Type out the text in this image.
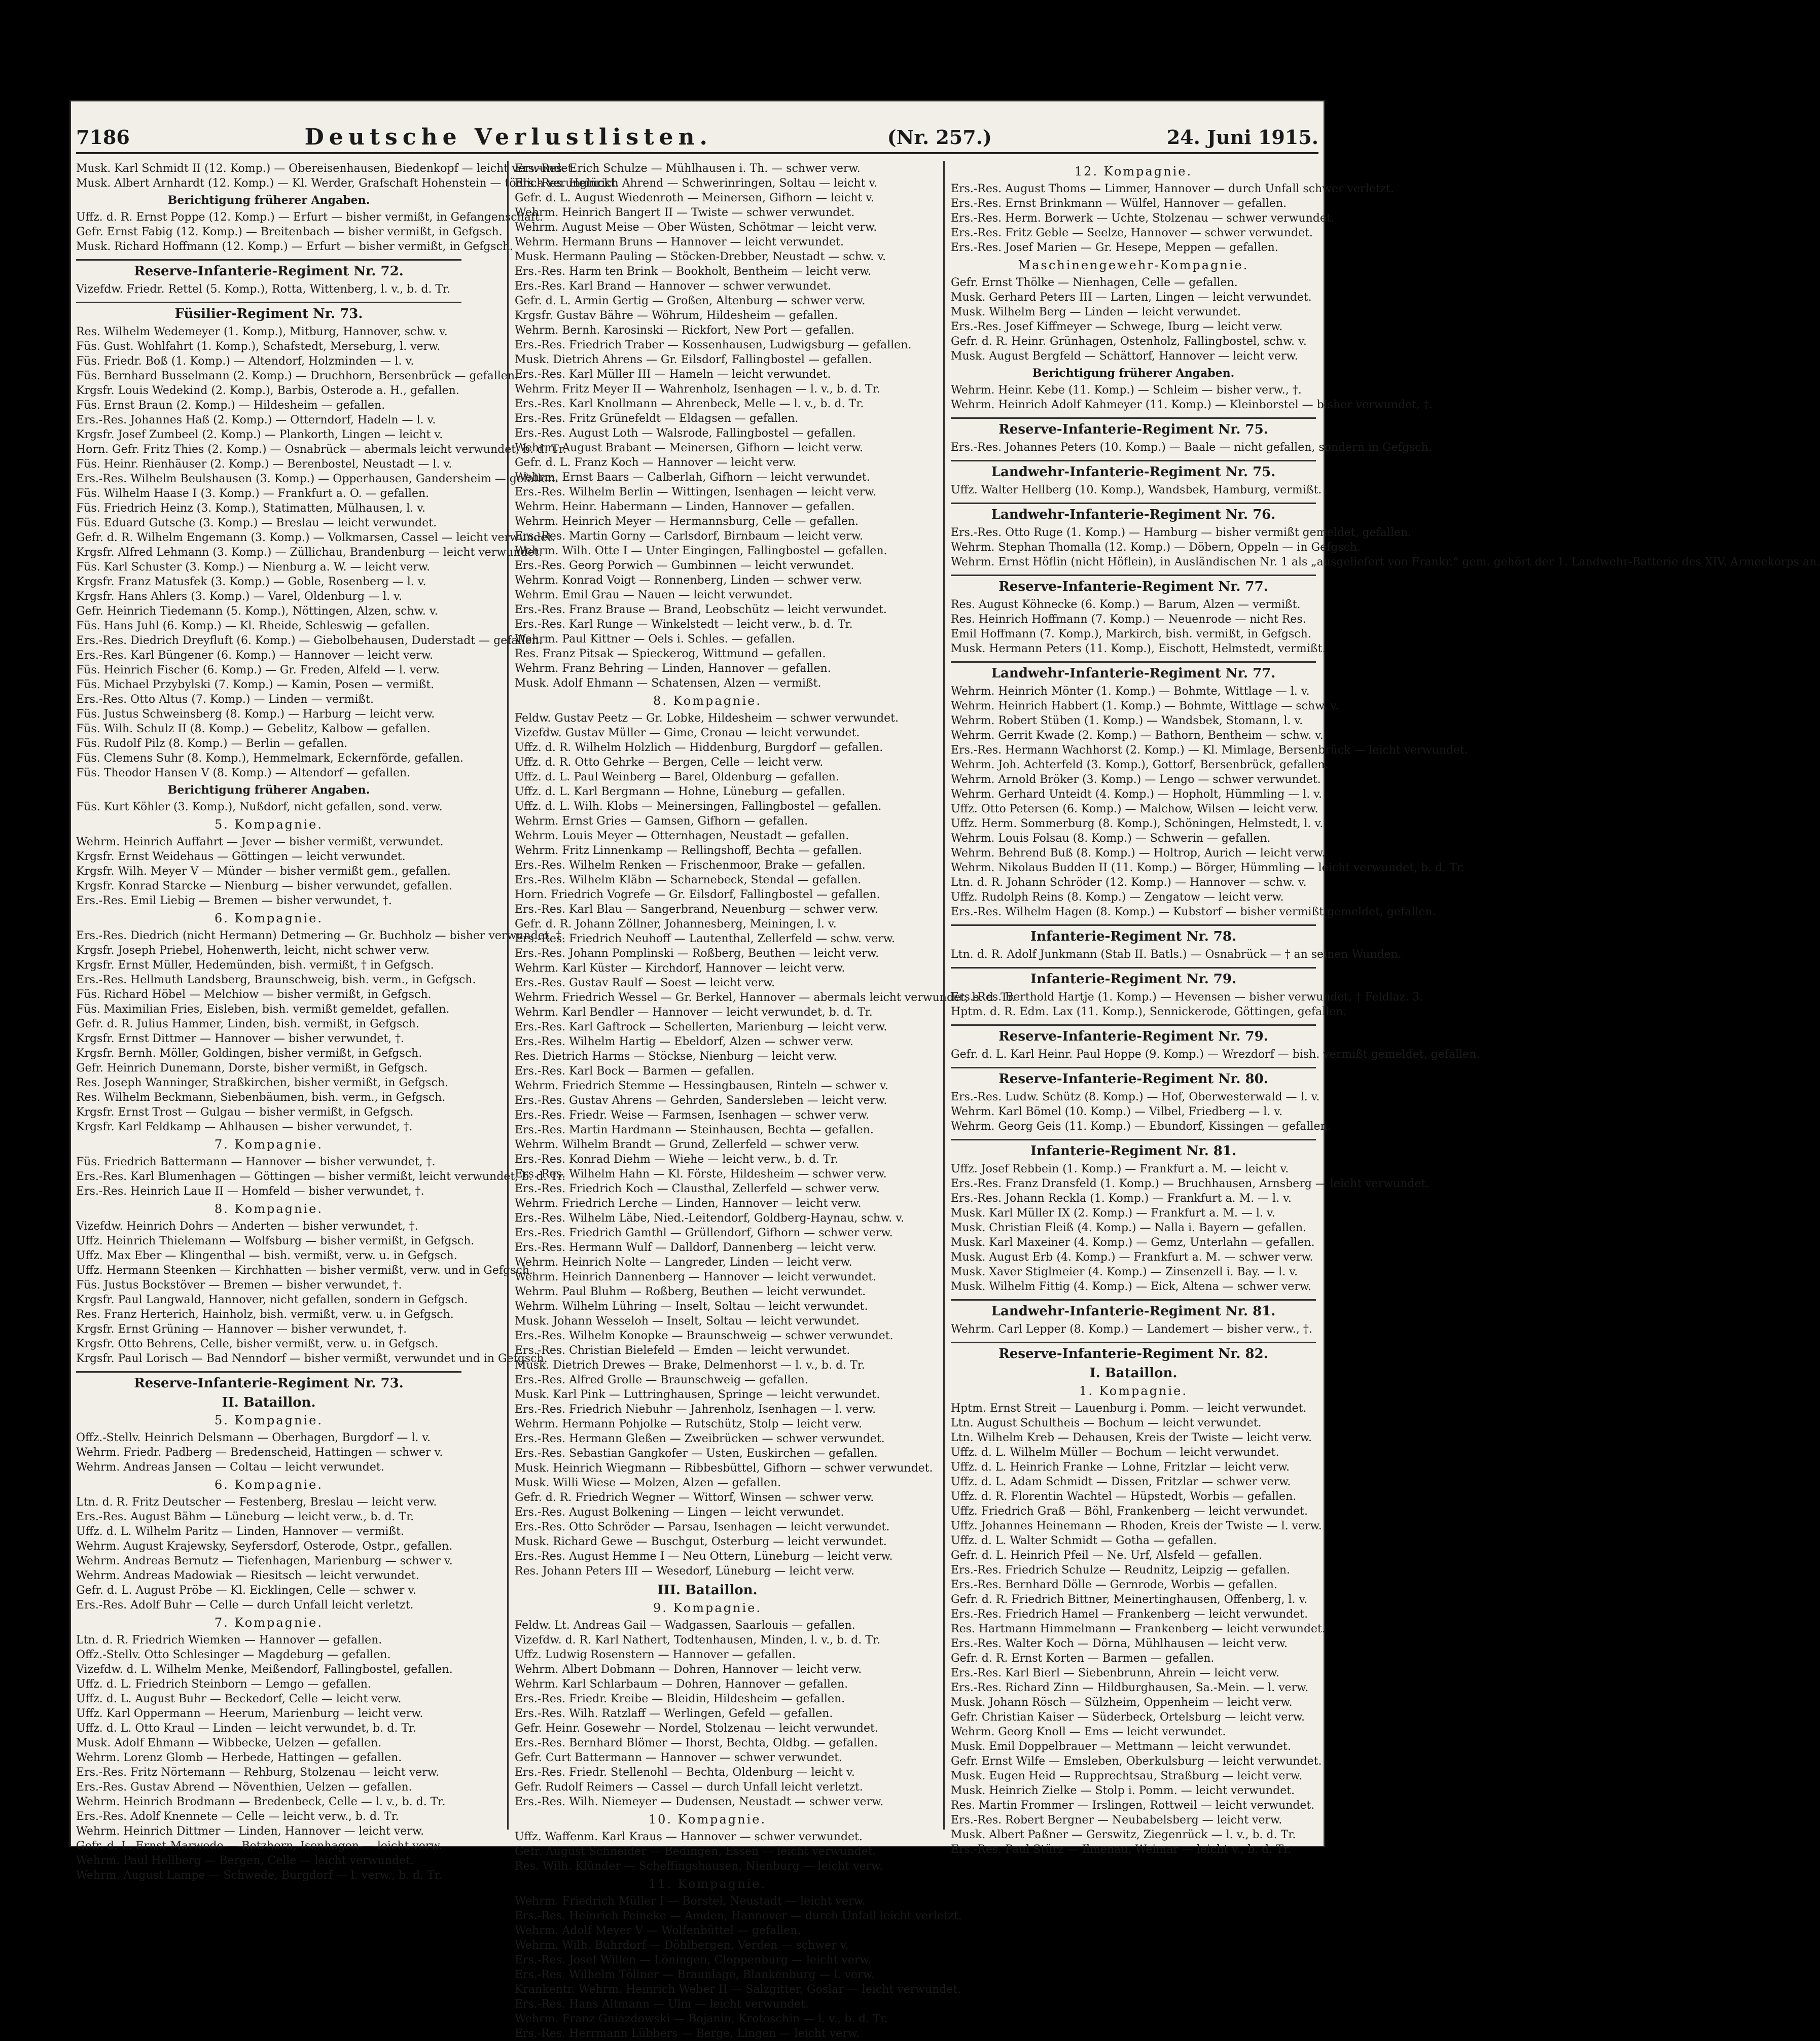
7186	Deutsche Verlustlisten.	(Nr. 257.)	24. Juni 1915.
Musk. Karl Schmidt II (12. Komp.) — Obereisenhausen, Biedenkopf — leicht verwundet.
Musk. Albert Arnhardt (12. Komp.) — Kl. Werder, Grafschaft Hohenstein — tödlich verunglückt.
Berichtigung früherer Angaben.
Uffz. d. R. Ernst Poppe (12. Komp.) — Erfurt — bisher vermißt, in Gefangenschaft.
Gefr. Ernst Fabig (12. Komp.) — Breitenbach — bisher vermißt, in Gefgsch.
Musk. Richard Hoffmann (12. Komp.) — Erfurt — bisher vermißt, in Gefgsch.
Reserve-Infanterie-Regiment Nr. 72.
Vizefdw. Friedr. Rettel (5. Komp.), Rotta, Wittenberg, l. v., b. d. Tr.
Füsilier-Regiment Nr. 73.
Res. Wilhelm Wedemeyer (1. Komp.), Mitburg, Hannover, schw. v.
Füs. Gust. Wohlfahrt (1. Komp.), Schafstedt, Merseburg, l. verw.
Füs. Friedr. Boß (1. Komp.) — Altendorf, Holzminden — l. v.
Füs. Bernhard Busselmann (2. Komp.) — Druchhorn, Bersenbrück — gefallen.
Krgsfr. Louis Wedekind (2. Komp.), Barbis, Osterode a. H., gefallen.
Füs. Ernst Braun (2. Komp.) — Hildesheim — gefallen.
Ers.-Res. Johannes Haß (2. Komp.) — Otterndorf, Hadeln — l. v.
Krgsfr. Josef Zumbeel (2. Komp.) — Plankorth, Lingen — leicht v.
Horn. Gefr. Fritz Thies (2. Komp.) — Osnabrück — abermals leicht verwundet, b. d. Tr.
Füs. Heinr. Rienhäuser (2. Komp.) — Berenbostel, Neustadt — l. v.
Ers.-Res. Wilhelm Beulshausen (3. Komp.) — Opperhausen, Gandersheim — gefallen.
Füs. Wilhelm Haase I (3. Komp.) — Frankfurt a. O. — gefallen.
Füs. Friedrich Heinz (3. Komp.), Statimatten, Mülhausen, l. v.
Füs. Eduard Gutsche (3. Komp.) — Breslau — leicht verwundet.
Gefr. d. R. Wilhelm Engemann (3. Komp.) — Volkmarsen, Cassel — leicht verwundet.
Krgsfr. Alfred Lehmann (3. Komp.) — Züllichau, Brandenburg — leicht verwundet.
Füs. Karl Schuster (3. Komp.) — Nienburg a. W. — leicht verw.
Krgsfr. Franz Matusfek (3. Komp.) — Goble, Rosenberg — l. v.
Krgsfr. Hans Ahlers (3. Komp.) — Varel, Oldenburg — l. v.
Gefr. Heinrich Tiedemann (5. Komp.), Nöttingen, Alzen, schw. v.
Füs. Hans Juhl (6. Komp.) — Kl. Rheide, Schleswig — gefallen.
Ers.-Res. Diedrich Dreyfluft (6. Komp.) — Giebolbehausen, Duderstadt — gefallen.
Ers.-Res. Karl Büngener (6. Komp.) — Hannover — leicht verw.
Füs. Heinrich Fischer (6. Komp.) — Gr. Freden, Alfeld — l. verw.
Füs. Michael Przybylski (7. Komp.) — Kamin, Posen — vermißt.
Ers.-Res. Otto Altus (7. Komp.) — Linden — vermißt.
Füs. Justus Schweinsberg (8. Komp.) — Harburg — leicht verw.
Füs. Wilh. Schulz II (8. Komp.) — Gebelitz, Kalbow — gefallen.
Füs. Rudolf Pilz (8. Komp.) — Berlin — gefallen.
Füs. Clemens Suhr (8. Komp.), Hemmelmark, Eckernförde, gefallen.
Füs. Theodor Hansen V (8. Komp.) — Altendorf — gefallen.
Berichtigung früherer Angaben.
Füs. Kurt Köhler (3. Komp.), Nußdorf, nicht gefallen, sond. verw.
5. Kompagnie.
Wehrm. Heinrich Auffahrt — Jever — bisher vermißt, verwundet.
Krgsfr. Ernst Weidehaus — Göttingen — leicht verwundet.
Krgsfr. Wilh. Meyer V — Münder — bisher vermißt gem., gefallen.
Krgsfr. Konrad Starcke — Nienburg — bisher verwundet, gefallen.
Ers.-Res. Emil Liebig — Bremen — bisher verwundet, †.
6. Kompagnie.
Ers.-Res. Diedrich (nicht Hermann) Detmering — Gr. Buchholz — bisher verwundet, †.
Krgsfr. Joseph Priebel, Hohenwerth, leicht, nicht schwer verw.
Krgsfr. Ernst Müller, Hedemünden, bish. vermißt, † in Gefgsch.
Ers.-Res. Hellmuth Landsberg, Braunschweig, bish. verm., in Gefgsch.
Füs. Richard Höbel — Melchiow — bisher vermißt, in Gefgsch.
Füs. Maximilian Fries, Eisleben, bish. vermißt gemeldet, gefallen.
Gefr. d. R. Julius Hammer, Linden, bish. vermißt, in Gefgsch.
Krgsfr. Ernst Dittmer — Hannover — bisher verwundet, †.
Krgsfr. Bernh. Möller, Goldingen, bisher vermißt, in Gefgsch.
Gefr. Heinrich Dunemann, Dorste, bisher vermißt, in Gefgsch.
Res. Joseph Wanninger, Straßkirchen, bisher vermißt, in Gefgsch.
Res. Wilhelm Beckmann, Siebenbäumen, bish. verm., in Gefgsch.
Krgsfr. Ernst Trost — Gulgau — bisher vermißt, in Gefgsch.
Krgsfr. Karl Feldkamp — Ahlhausen — bisher verwundet, †.
7. Kompagnie.
Füs. Friedrich Battermann — Hannover — bisher verwundet, †.
Ers.-Res. Karl Blumenhagen — Göttingen — bisher vermißt, leicht verwundet, b. d. Tr.
Ers.-Res. Heinrich Laue II — Homfeld — bisher verwundet, †.
8. Kompagnie.
Vizefdw. Heinrich Dohrs — Anderten — bisher verwundet, †.
Uffz. Heinrich Thielemann — Wolfsburg — bisher vermißt, in Gefgsch.
Uffz. Max Eber — Klingenthal — bish. vermißt, verw. u. in Gefgsch.
Uffz. Hermann Steenken — Kirchhatten — bisher vermißt, verw. und in Gefgsch.
Füs. Justus Bockstöver — Bremen — bisher verwundet, †.
Krgsfr. Paul Langwald, Hannover, nicht gefallen, sondern in Gefgsch.
Res. Franz Herterich, Hainholz, bish. vermißt, verw. u. in Gefgsch.
Krgsfr. Ernst Grüning — Hannover — bisher verwundet, †.
Krgsfr. Otto Behrens, Celle, bisher vermißt, verw. u. in Gefgsch.
Krgsfr. Paul Lorisch — Bad Nenndorf — bisher vermißt, verwundet und in Gefgsch.
Reserve-Infanterie-Regiment Nr. 73.
II. Bataillon.
5. Kompagnie.
Offz.-Stellv. Heinrich Delsmann — Oberhagen, Burgdorf — l. v.
Wehrm. Friedr. Padberg — Bredenscheid, Hattingen — schwer v.
Wehrm. Andreas Jansen — Coltau — leicht verwundet.
6. Kompagnie.
Ltn. d. R. Fritz Deutscher — Festenberg, Breslau — leicht verw.
Ers.-Res. August Bähm — Lüneburg — leicht verw., b. d. Tr.
Uffz. d. L. Wilhelm Paritz — Linden, Hannover — vermißt.
Wehrm. August Krajewsky, Seyfersdorf, Osterode, Ostpr., gefallen.
Wehrm. Andreas Bernutz — Tiefenhagen, Marienburg — schwer v.
Wehrm. Andreas Madowiak — Riesitsch — leicht verwundet.
Gefr. d. L. August Pröbe — Kl. Eicklingen, Celle — schwer v.
Ers.-Res. Adolf Buhr — Celle — durch Unfall leicht verletzt.
7. Kompagnie.
Ltn. d. R. Friedrich Wiemken — Hannover — gefallen.
Offz.-Stellv. Otto Schlesinger — Magdeburg — gefallen.
Vizefdw. d. L. Wilhelm Menke, Meißendorf, Fallingbostel, gefallen.
Uffz. d. L. Friedrich Steinborn — Lemgo — gefallen.
Uffz. d. L. August Buhr — Beckedorf, Celle — leicht verw.
Uffz. Karl Oppermann — Heerum, Marienburg — leicht verw.
Uffz. d. L. Otto Kraul — Linden — leicht verwundet, b. d. Tr.
Musk. Adolf Ehmann — Wibbecke, Uelzen — gefallen.
Wehrm. Lorenz Glomb — Herbede, Hattingen — gefallen.
Ers.-Res. Fritz Nörtemann — Rehburg, Stolzenau — leicht verw.
Ers.-Res. Gustav Abrend — Növenthien, Uelzen — gefallen.
Wehrm. Heinrich Brodmann — Bredenbeck, Celle — l. v., b. d. Tr.
Ers.-Res. Adolf Knennete — Celle — leicht verw., b. d. Tr.
Wehrm. Heinrich Dittmer — Linden, Hannover — leicht verw.
Gefr. d. L. Ernst Marwede — Betzhorn, Isenhagen — leicht verw.
Wehrm. Paul Hellberg — Bergen, Celle — leicht verwundet.
Wehrm. August Lampe — Schwede, Burgdorf — l. verw., b. d. Tr.
Ers.-Res. Erich Schulze — Mühlhausen i. Th. — schwer verw.
Ers.-Res. Heinrich Ahrend — Schwerinringen, Soltau — leicht v.
Gefr. d. L. August Wiedenroth — Meinersen, Gifhorn — leicht v.
Wehrm. Heinrich Bangert II — Twiste — schwer verwundet.
Wehrm. August Meise — Ober Wüsten, Schötmar — leicht verw.
Wehrm. Hermann Bruns — Hannover — leicht verwundet.
Musk. Hermann Pauling — Stöcken-Drebber, Neustadt — schw. v.
Ers.-Res. Harm ten Brink — Bookholt, Bentheim — leicht verw.
Ers.-Res. Karl Brand — Hannover — schwer verwundet.
Gefr. d. L. Armin Gertig — Großen, Altenburg — schwer verw.
Krgsfr. Gustav Bähre — Wöhrum, Hildesheim — gefallen.
Wehrm. Bernh. Karosinski — Rickfort, New Port — gefallen.
Ers.-Res. Friedrich Traber — Kossenhausen, Ludwigsburg — gefallen.
Musk. Dietrich Ahrens — Gr. Eilsdorf, Fallingbostel — gefallen.
Ers.-Res. Karl Müller III — Hameln — leicht verwundet.
Wehrm. Fritz Meyer II — Wahrenholz, Isenhagen — l. v., b. d. Tr.
Ers.-Res. Karl Knollmann — Ahrenbeck, Melle — l. v., b. d. Tr.
Ers.-Res. Fritz Grünefeldt — Eldagsen — gefallen.
Ers.-Res. August Loth — Walsrode, Fallingbostel — gefallen.
Wehrm. August Brabant — Meinersen, Gifhorn — leicht verw.
Gefr. d. L. Franz Koch — Hannover — leicht verw.
Wehrm. Ernst Baars — Calberlah, Gifhorn — leicht verwundet.
Ers.-Res. Wilhelm Berlin — Wittingen, Isenhagen — leicht verw.
Wehrm. Heinr. Habermann — Linden, Hannover — gefallen.
Wehrm. Heinrich Meyer — Hermannsburg, Celle — gefallen.
Ers.-Res. Martin Gorny — Carlsdorf, Birnbaum — leicht verw.
Wehrm. Wilh. Otte I — Unter Eingingen, Fallingbostel — gefallen.
Ers.-Res. Georg Porwich — Gumbinnen — leicht verwundet.
Wehrm. Konrad Voigt — Ronnenberg, Linden — schwer verw.
Wehrm. Emil Grau — Nauen — leicht verwundet.
Ers.-Res. Franz Brause — Brand, Leobschütz — leicht verwundet.
Ers.-Res. Karl Runge — Winkelstedt — leicht verw., b. d. Tr.
Wehrm. Paul Kittner — Oels i. Schles. — gefallen.
Res. Franz Pitsak — Spieckerog, Wittmund — gefallen.
Wehrm. Franz Behring — Linden, Hannover — gefallen.
Musk. Adolf Ehmann — Schatensen, Alzen — vermißt.
8. Kompagnie.
Feldw. Gustav Peetz — Gr. Lobke, Hildesheim — schwer verwundet.
Vizefdw. Gustav Müller — Gime, Cronau — leicht verwundet.
Uffz. d. R. Wilhelm Holzlich — Hiddenburg, Burgdorf — gefallen.
Uffz. d. R. Otto Gehrke — Bergen, Celle — leicht verw.
Uffz. d. L. Paul Weinberg — Barel, Oldenburg — gefallen.
Uffz. d. L. Karl Bergmann — Hohne, Lüneburg — gefallen.
Uffz. d. L. Wilh. Klobs — Meinersingen, Fallingbostel — gefallen.
Wehrm. Ernst Gries — Gamsen, Gifhorn — gefallen.
Wehrm. Louis Meyer — Otternhagen, Neustadt — gefallen.
Wehrm. Fritz Linnenkamp — Rellingshoff, Bechta — gefallen.
Ers.-Res. Wilhelm Renken — Frischenmoor, Brake — gefallen.
Ers.-Res. Wilhelm Kläbn — Scharnebeck, Stendal — gefallen.
Horn. Friedrich Vogrefe — Gr. Eilsdorf, Fallingbostel — gefallen.
Ers.-Res. Karl Blau — Sangerbrand, Neuenburg — schwer verw.
Gefr. d. R. Johann Zöllner, Johannesberg, Meiningen, l. v.
Ers.-Res. Friedrich Neuhoff — Lautenthal, Zellerfeld — schw. verw.
Ers.-Res. Johann Pomplinski — Roßberg, Beuthen — leicht verw.
Wehrm. Karl Küster — Kirchdorf, Hannover — leicht verw.
Ers.-Res. Gustav Raulf — Soest — leicht verw.
Wehrm. Friedrich Wessel — Gr. Berkel, Hannover — abermals leicht verwundet, b. d. Tr.
Wehrm. Karl Bendler — Hannover — leicht verwundet, b. d. Tr.
Ers.-Res. Karl Gaftrock — Schellerten, Marienburg — leicht verw.
Ers.-Res. Wilhelm Hartig — Ebeldorf, Alzen — schwer verw.
Res. Dietrich Harms — Stöckse, Nienburg — leicht verw.
Ers.-Res. Karl Bock — Barmen — gefallen.
Wehrm. Friedrich Stemme — Hessingbausen, Rinteln — schwer v.
Ers.-Res. Gustav Ahrens — Gehrden, Sandersleben — leicht verw.
Ers.-Res. Friedr. Weise — Farmsen, Isenhagen — schwer verw.
Ers.-Res. Martin Hardmann — Steinhausen, Bechta — gefallen.
Wehrm. Wilhelm Brandt — Grund, Zellerfeld — schwer verw.
Ers.-Res. Konrad Diehm — Wiehe — leicht verw., b. d. Tr.
Ers.-Res. Wilhelm Hahn — Kl. Förste, Hildesheim — schwer verw.
Ers.-Res. Friedrich Koch — Clausthal, Zellerfeld — schwer verw.
Wehrm. Friedrich Lerche — Linden, Hannover — leicht verw.
Ers.-Res. Wilhelm Läbe, Nied.-Leitendorf, Goldberg-Haynau, schw. v.
Ers.-Res. Friedrich Gamthl — Grüllendorf, Gifhorn — schwer verw.
Ers.-Res. Hermann Wulf — Dalldorf, Dannenberg — leicht verw.
Wehrm. Heinrich Nolte — Langreder, Linden — leicht verw.
Wehrm. Heinrich Dannenberg — Hannover — leicht verwundet.
Wehrm. Paul Bluhm — Roßberg, Beuthen — leicht verwundet.
Wehrm. Wilhelm Lühring — Inselt, Soltau — leicht verwundet.
Musk. Johann Wesseloh — Inselt, Soltau — leicht verwundet.
Ers.-Res. Wilhelm Konopke — Braunschweig — schwer verwundet.
Ers.-Res. Christian Bielefeld — Emden — leicht verwundet.
Musk. Dietrich Drewes — Brake, Delmenhorst — l. v., b. d. Tr.
Ers.-Res. Alfred Grolle — Braunschweig — gefallen.
Musk. Karl Pink — Luttringhausen, Springe — leicht verwundet.
Ers.-Res. Friedrich Niebuhr — Jahrenholz, Isenhagen — l. verw.
Wehrm. Hermann Pohjolke — Rutschütz, Stolp — leicht verw.
Ers.-Res. Hermann Gleßen — Zweibrücken — schwer verwundet.
Ers.-Res. Sebastian Gangkofer — Usten, Euskirchen — gefallen.
Musk. Heinrich Wiegmann — Ribbesbüttel, Gifhorn — schwer verwundet.
Musk. Willi Wiese — Molzen, Alzen — gefallen.
Gefr. d. R. Friedrich Wegner — Wittorf, Winsen — schwer verw.
Ers.-Res. August Bolkening — Lingen — leicht verwundet.
Ers.-Res. Otto Schröder — Parsau, Isenhagen — leicht verwundet.
Musk. Richard Gewe — Buschgut, Osterburg — leicht verwundet.
Ers.-Res. August Hemme I — Neu Ottern, Lüneburg — leicht verw.
Res. Johann Peters III — Wesedorf, Lüneburg — leicht verw.
III. Bataillon.
9. Kompagnie.
Feldw. Lt. Andreas Gail — Wadgassen, Saarlouis — gefallen.
Vizefdw. d. R. Karl Nathert, Todtenhausen, Minden, l. v., b. d. Tr.
Uffz. Ludwig Rosenstern — Hannover — gefallen.
Wehrm. Albert Dobmann — Dohren, Hannover — leicht verw.
Wehrm. Karl Schlarbaum — Dohren, Hannover — gefallen.
Ers.-Res. Friedr. Kreibe — Bleidin, Hildesheim — gefallen.
Ers.-Res. Wilh. Ratzlaff — Werlingen, Gefeld — gefallen.
Gefr. Heinr. Gosewehr — Nordel, Stolzenau — leicht verwundet.
Ers.-Res. Bernhard Blömer — Ihorst, Bechta, Oldbg. — gefallen.
Gefr. Curt Battermann — Hannover — schwer verwundet.
Ers.-Res. Friedr. Stellenohl — Bechta, Oldenburg — leicht v.
Gefr. Rudolf Reimers — Cassel — durch Unfall leicht verletzt.
Ers.-Res. Wilh. Niemeyer — Dudensen, Neustadt — schwer verw.
10. Kompagnie.
Uffz. Waffenm. Karl Kraus — Hannover — schwer verwundet.
Gefr. August Schneider — Bedingen, Essen — leicht verwundet.
Res. Wilh. Klünder — Scheffingshausen, Nienburg — leicht verw.
11. Kompagnie.
Wehrm. Friedrich Müller I — Borstel, Neustadt — leicht verw.
Ers.-Res. Heinrich Peineke — Amden, Hannover — durch Unfall leicht verletzt.
Wehrm. Adolf Meyer V — Wolfenbüttel — gefallen.
Wehrm. Wilh. Buhrdorf — Döhlbergen, Verden — schwer v.
Ers.-Res. Josef Willen — Löningen, Cloppenburg — leicht verw.
Ers.-Res. Wilhelm Töllner — Braunlage, Blankenburg — l. verw.
Krankentr. Wehrm. Heinrich Weber II — Salzgitter, Goslar — leicht verwundet.
Ers.-Res. Hans Altmann — Ulm — leicht verwundet.
Wehrm. Franz Gniazdowski — Bojanin, Krotoschin — l. v., b. d. Tr.
Ers.-Res. Herrmann Lübbers — Berge, Lingen — leicht verw.
12. Kompagnie.
Ers.-Res. August Thoms — Limmer, Hannover — durch Unfall schwer verletzt.
Ers.-Res. Ernst Brinkmann — Wülfel, Hannover — gefallen.
Ers.-Res. Herm. Borwerk — Uchte, Stolzenau — schwer verwundet.
Ers.-Res. Fritz Geble — Seelze, Hannover — schwer verwundet.
Ers.-Res. Josef Marien — Gr. Hesepe, Meppen — gefallen.
Maschinengewehr-Kompagnie.
Gefr. Ernst Thölke — Nienhagen, Celle — gefallen.
Musk. Gerhard Peters III — Larten, Lingen — leicht verwundet.
Musk. Wilhelm Berg — Linden — leicht verwundet.
Ers.-Res. Josef Kiffmeyer — Schwege, Iburg — leicht verw.
Gefr. d. R. Heinr. Grünhagen, Ostenholz, Fallingbostel, schw. v.
Musk. August Bergfeld — Schättorf, Hannover — leicht verw.
Berichtigung früherer Angaben.
Wehrm. Heinr. Kebe (11. Komp.) — Schleim — bisher verw., †.
Wehrm. Heinrich Adolf Kahmeyer (11. Komp.) — Kleinborstel — bisher verwundet, †.
Reserve-Infanterie-Regiment Nr. 75.
Ers.-Res. Johannes Peters (10. Komp.) — Baale — nicht gefallen, sondern in Gefgsch.
Landwehr-Infanterie-Regiment Nr. 75.
Uffz. Walter Hellberg (10. Komp.), Wandsbek, Hamburg, vermißt.
Landwehr-Infanterie-Regiment Nr. 76.
Ers.-Res. Otto Ruge (1. Komp.) — Hamburg — bisher vermißt gemeldet, gefallen.
Wehrm. Stephan Thomalla (12. Komp.) — Döbern, Oppeln — in Gefgsch.
Wehrm. Ernst Höflin (nicht Höflein), in Ausländischen Nr. 1 als „ausgeliefert von Frankr.“ gem. gehört der 1. Landwehr-Batterie des XIV. Armeekorps an.
Reserve-Infanterie-Regiment Nr. 77.
Res. August Köhnecke (6. Komp.) — Barum, Alzen — vermißt.
Res. Heinrich Hoffmann (7. Komp.) — Neuenrode — nicht Res.
Emil Hoffmann (7. Komp.), Markirch, bish. vermißt, in Gefgsch.
Musk. Hermann Peters (11. Komp.), Eischott, Helmstedt, vermißt.
Landwehr-Infanterie-Regiment Nr. 77.
Wehrm. Heinrich Mönter (1. Komp.) — Bohmte, Wittlage — l. v.
Wehrm. Heinrich Habbert (1. Komp.) — Bohmte, Wittlage — schw. v.
Wehrm. Robert Stüben (1. Komp.) — Wandsbek, Stomann, l. v.
Wehrm. Gerrit Kwade (2. Komp.) — Bathorn, Bentheim — schw. v.
Ers.-Res. Hermann Wachhorst (2. Komp.) — Kl. Mimlage, Bersenbrück — leicht verwundet.
Wehrm. Joh. Achterfeld (3. Komp.), Gottorf, Bersenbrück, gefallen.
Wehrm. Arnold Bröker (3. Komp.) — Lengo — schwer verwundet.
Wehrm. Gerhard Unteidt (4. Komp.) — Hopholt, Hümmling — l. v.
Uffz. Otto Petersen (6. Komp.) — Malchow, Wilsen — leicht verw.
Uffz. Herm. Sommerburg (8. Komp.), Schöningen, Helmstedt, l. v.
Wehrm. Louis Folsau (8. Komp.) — Schwerin — gefallen.
Wehrm. Behrend Buß (8. Komp.) — Holtrop, Aurich — leicht verw.
Wehrm. Nikolaus Budden II (11. Komp.) — Börger, Hümmling — leicht verwundet, b. d. Tr.
Ltn. d. R. Johann Schröder (12. Komp.) — Hannover — schw. v.
Uffz. Rudolph Reins (8. Komp.) — Zengatow — leicht verw.
Ers.-Res. Wilhelm Hagen (8. Komp.) — Kubstorf — bisher vermißt gemeldet, gefallen.
Infanterie-Regiment Nr. 78.
Ltn. d. R. Adolf Junkmann (Stab II. Batls.) — Osnabrück — † an seinen Wunden.
Infanterie-Regiment Nr. 79.
Ers.-Res. Berthold Hartje (1. Komp.) — Hevensen — bisher verwundet, † Feldlaz. 3.
Hptm. d. R. Edm. Lax (11. Komp.), Sennickerode, Göttingen, gefallen.
Reserve-Infanterie-Regiment Nr. 79.
Gefr. d. L. Karl Heinr. Paul Hoppe (9. Komp.) — Wrezdorf — bish. vermißt gemeldet, gefallen.
Reserve-Infanterie-Regiment Nr. 80.
Ers.-Res. Ludw. Schütz (8. Komp.) — Hof, Oberwesterwald — l. v.
Wehrm. Karl Bömel (10. Komp.) — Vilbel, Friedberg — l. v.
Wehrm. Georg Geis (11. Komp.) — Ebundorf, Kissingen — gefallen.
Infanterie-Regiment Nr. 81.
Uffz. Josef Rebbein (1. Komp.) — Frankfurt a. M. — leicht v.
Ers.-Res. Franz Dransfeld (1. Komp.) — Bruchhausen, Arnsberg — leicht verwundet.
Ers.-Res. Johann Reckla (1. Komp.) — Frankfurt a. M. — l. v.
Musk. Karl Müller IX (2. Komp.) — Frankfurt a. M. — l. v.
Musk. Christian Fleiß (4. Komp.) — Nalla i. Bayern — gefallen.
Musk. Karl Maxeiner (4. Komp.) — Gemz, Unterlahn — gefallen.
Musk. August Erb (4. Komp.) — Frankfurt a. M. — schwer verw.
Musk. Xaver Stiglmeier (4. Komp.) — Zinsenzell i. Bay. — l. v.
Musk. Wilhelm Fittig (4. Komp.) — Eick, Altena — schwer verw.
Landwehr-Infanterie-Regiment Nr. 81.
Wehrm. Carl Lepper (8. Komp.) — Landemert — bisher verw., †.
Reserve-Infanterie-Regiment Nr. 82.
I. Bataillon.
1. Kompagnie.
Hptm. Ernst Streit — Lauenburg i. Pomm. — leicht verwundet.
Ltn. August Schultheis — Bochum — leicht verwundet.
Ltn. Wilhelm Kreb — Dehausen, Kreis der Twiste — leicht verw.
Uffz. d. L. Wilhelm Müller — Bochum — leicht verwundet.
Uffz. d. L. Heinrich Franke — Lohne, Fritzlar — leicht verw.
Uffz. d. L. Adam Schmidt — Dissen, Fritzlar — schwer verw.
Uffz. d. R. Florentin Wachtel — Hüpstedt, Worbis — gefallen.
Uffz. Friedrich Graß — Böhl, Frankenberg — leicht verwundet.
Uffz. Johannes Heinemann — Rhoden, Kreis der Twiste — l. verw.
Uffz. d. L. Walter Schmidt — Gotha — gefallen.
Gefr. d. L. Heinrich Pfeil — Ne. Urf, Alsfeld — gefallen.
Ers.-Res. Friedrich Schulze — Reudnitz, Leipzig — gefallen.
Ers.-Res. Bernhard Dölle — Gernrode, Worbis — gefallen.
Gefr. d. R. Friedrich Bittner, Meinertinghausen, Offenberg, l. v.
Ers.-Res. Friedrich Hamel — Frankenberg — leicht verwundet.
Res. Hartmann Himmelmann — Frankenberg — leicht verwundet.
Ers.-Res. Walter Koch — Dörna, Mühlhausen — leicht verw.
Gefr. d. R. Ernst Korten — Barmen — gefallen.
Ers.-Res. Karl Bierl — Siebenbrunn, Ahrein — leicht verw.
Ers.-Res. Richard Zinn — Hildburghausen, Sa.-Mein. — l. verw.
Musk. Johann Rösch — Sülzheim, Oppenheim — leicht verw.
Gefr. Christian Kaiser — Süderbeck, Ortelsburg — leicht verw.
Wehrm. Georg Knoll — Ems — leicht verwundet.
Musk. Emil Doppelbrauer — Mettmann — leicht verwundet.
Gefr. Ernst Wilfe — Emsleben, Oberkulsburg — leicht verwundet.
Musk. Eugen Heid — Rupprechtsau, Straßburg — leicht verw.
Musk. Heinrich Zielke — Stolp i. Pomm. — leicht verwundet.
Res. Martin Frommer — Irslingen, Rottweil — leicht verwundet.
Ers.-Res. Robert Bergner — Neubabelsberg — leicht verw.
Musk. Albert Paßner — Gerswitz, Ziegenrück — l. v., b. d. Tr.
Ers.-Res. Paul Stürz — Ilmenau, Weimar — leicht v., b. d. Tr.
